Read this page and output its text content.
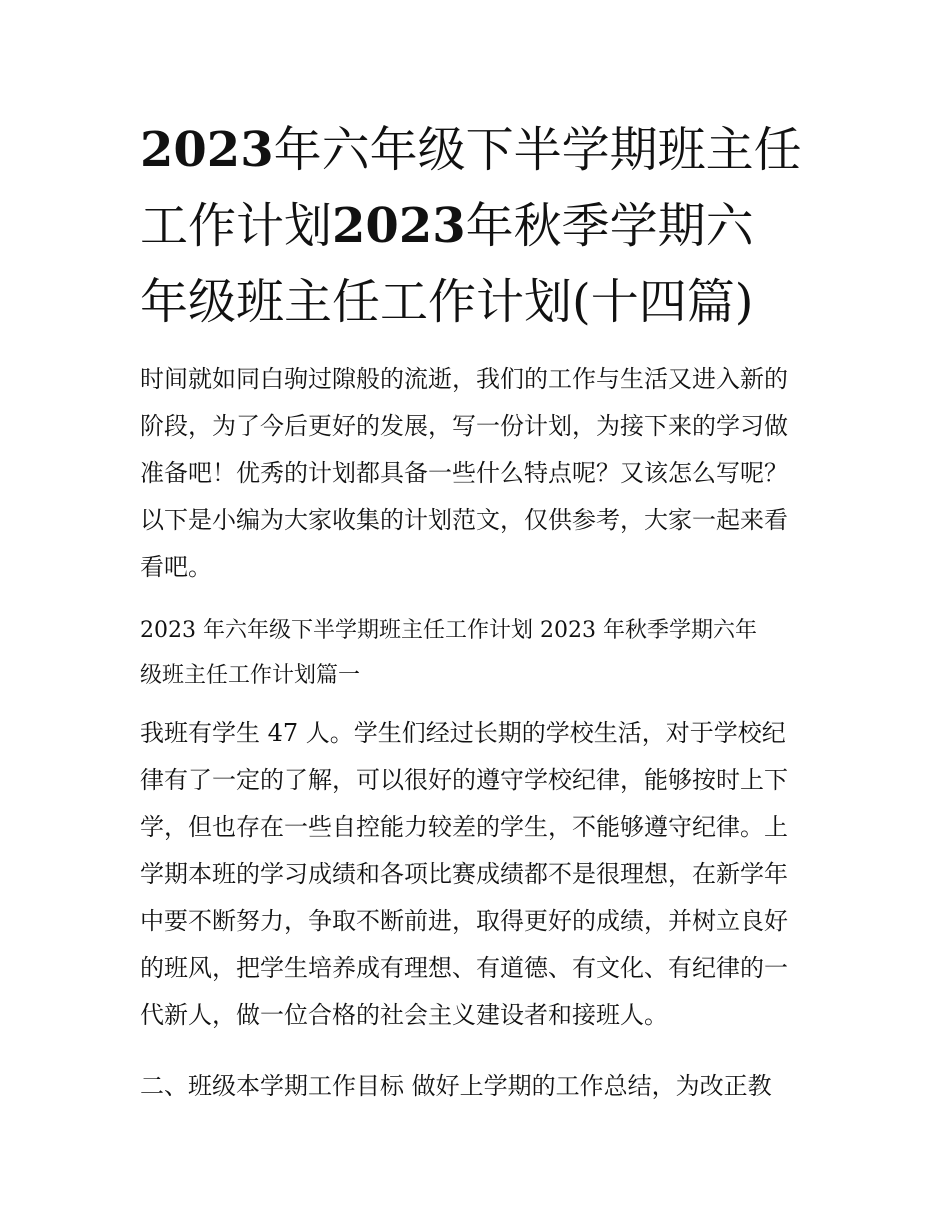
2023年六年级下半学期班主任
工作计划2023年秋季学期六
年级班主任工作计划(十四篇)
时间就如同白驹过隙般的流逝，我们的工作与生活又进入新的
阶段，为了今后更好的发展，写一份计划，为接下来的学习做
准备吧！优秀的计划都具备一些什么特点呢？又该怎么写呢？
以下是小编为大家收集的计划范文，仅供参考，大家一起来看
看吧。
2023 年六年级下半学期班主任工作计划 2023 年秋季学期六年
级班主任工作计划篇一
我班有学生 47 人。学生们经过长期的学校生活，对于学校纪
律有了一定的了解，可以很好的遵守学校纪律，能够按时上下
学，但也存在一些自控能力较差的学生，不能够遵守纪律。上
学期本班的学习成绩和各项比赛成绩都不是很理想，在新学年
中要不断努力，争取不断前进，取得更好的成绩，并树立良好
的班风，把学生培养成有理想、有道德、有文化、有纪律的一
代新人，做一位合格的社会主义建设者和接班人。
二、班级本学期工作目标 做好上学期的工作总结，为改正教
